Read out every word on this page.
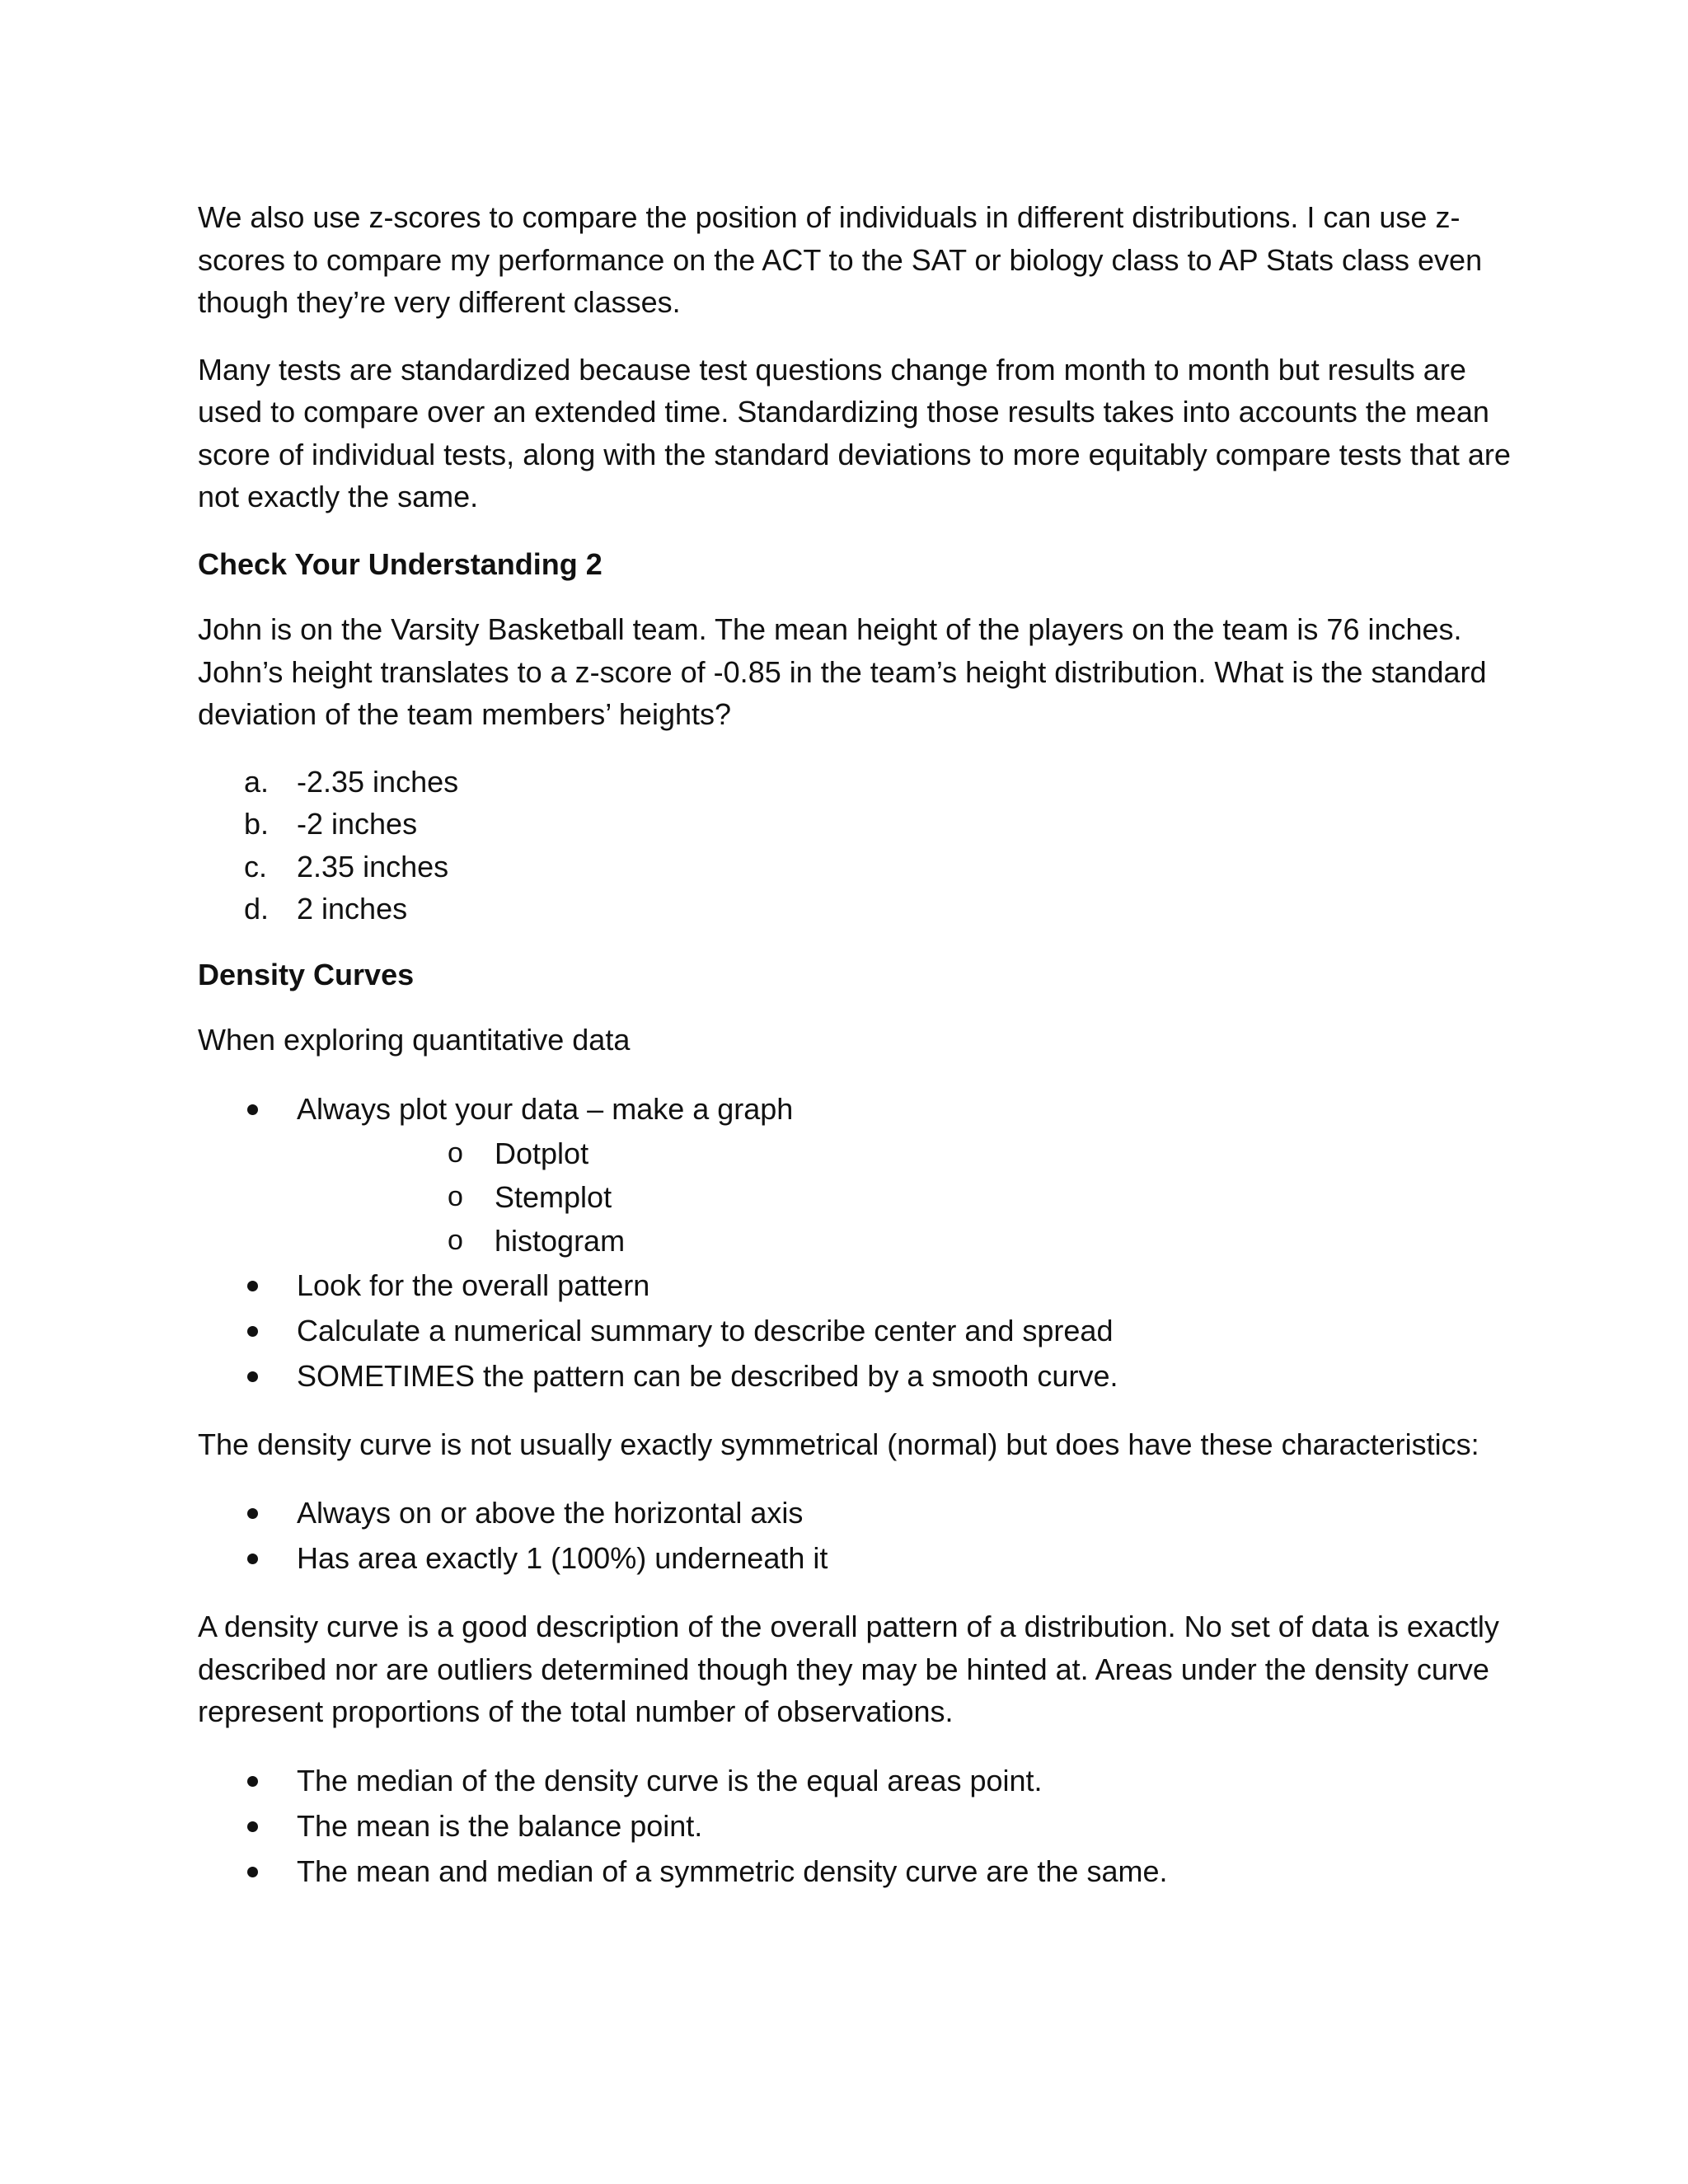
We also use z-scores to compare the position of individuals in different distributions. I can use z-scores to compare my performance on the ACT to the SAT or biology class to AP Stats class even though they’re very different classes.

Many tests are standardized because test questions change from month to month but results are used to compare over an extended time. Standardizing those results takes into accounts the mean score of individual tests, along with the standard deviations to more equitably compare tests that are not exactly the same.

Check Your Understanding 2

John is on the Varsity Basketball team. The mean height of the players on the team is 76 inches. John’s height translates to a z-score of -0.85 in the team’s height distribution. What is the standard deviation of the team members’ heights?

a. -2.35 inches
b. -2 inches
c. 2.35 inches
d. 2 inches

Density Curves

When exploring quantitative data

Always plot your data – make a graph
o Dotplot
o Stemplot
o histogram
Look for the overall pattern
Calculate a numerical summary to describe center and spread
SOMETIMES the pattern can be described by a smooth curve.

The density curve is not usually exactly symmetrical (normal) but does have these characteristics:

Always on or above the horizontal axis
Has area exactly 1 (100%) underneath it

A density curve is a good description of the overall pattern of a distribution. No set of data is exactly described nor are outliers determined though they may be hinted at. Areas under the density curve represent proportions of the total number of observations.

The median of the density curve is the equal areas point.
The mean is the balance point.
The mean and median of a symmetric density curve are the same.
